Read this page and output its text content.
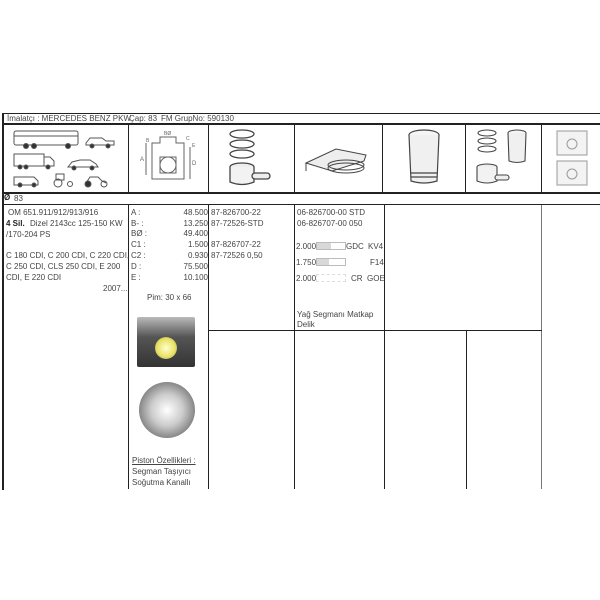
İmalatçı : MERCEDES BENZ PKW
Çap: 83 FM GrupNo: 590130
A
B
BØ
C
E
D
Ø 83
OM 651.911/912/913/916
4 Sil. Dizel 2143cc 125-150 KW
/170-204 PS
C 180 CDI, C 200 CDI, C 220 CDI,
C 250 CDI, CLS 250 CDI, E 200
CDI, E 220 CDI
2007...
A :	48.500
B- :	13.250
BØ :	49.400
C1 :	1.500
C2 :	0.930
D :	75.500
E :	10.100
Pim: 30 x 66
Piston Özellikleri :
Segman Taşıyıcı
Soğutma Kanallı
87-826700-22
87-72526-STD
87-826707-22
87-72526 0,50
06-826700-00 STD
06-826707-00 050
2.000	GDC KV4
1.750	F14
2.000	CR GOE
Yağ Segmanı Matkap Delik
